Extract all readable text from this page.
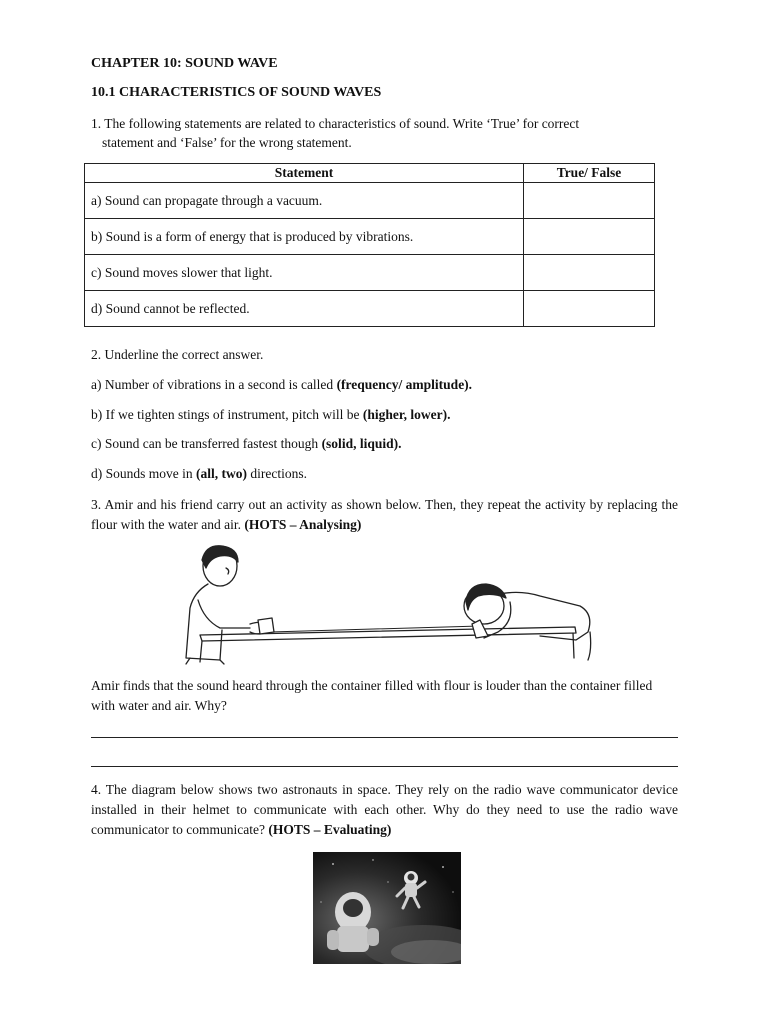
CHAPTER 10: SOUND WAVE
10.1 CHARACTERISTICS OF SOUND WAVES
1. The following statements are related to characteristics of sound. Write ‘True’ for correct
statement and ‘False’ for the wrong statement.
Statement	True/ False
a) Sound can propagate through a vacuum.	
b) Sound is a form of energy that is produced by vibrations.	
c) Sound moves slower that light.	
d) Sound cannot be reflected.	
2. Underline the correct answer.
a) Number of vibrations in a second is called (frequency/ amplitude).
b) If we tighten stings of instrument, pitch will be (higher, lower).
c) Sound can be transferred fastest though (solid, liquid).
d) Sounds move in (all, two) directions.
3. Amir and his friend carry out an activity as shown below. Then, they repeat the activity by replacing the flour with the water and air. (HOTS – Analysing)
Amir finds that the sound heard through the container filled with flour is louder than the container filled with water and air. Why?
4. The diagram below shows two astronauts in space. They rely on the radio wave communicator device installed in their helmet to communicate with each other. Why do they need to use the radio wave communicator to communicate? (HOTS – Evaluating)
